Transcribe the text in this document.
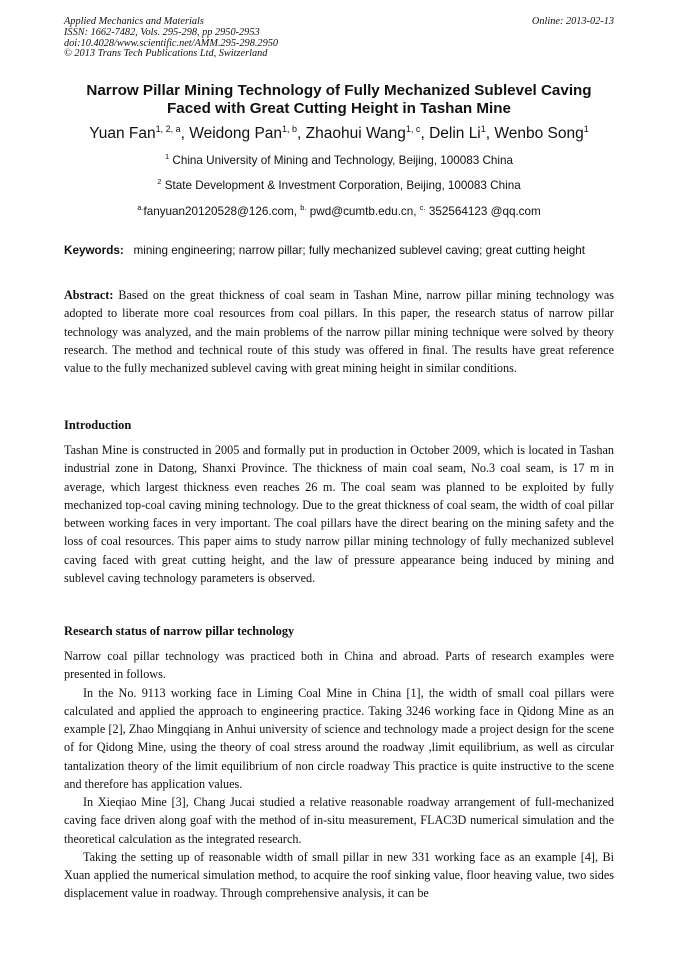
Applied Mechanics and Materials
ISSN: 1662-7482, Vols. 295-298, pp 2950-2953
doi:10.4028/www.scientific.net/AMM.295-298.2950
© 2013 Trans Tech Publications Ltd, Switzerland
Online: 2013-02-13
Narrow Pillar Mining Technology of Fully Mechanized Sublevel Caving Faced with Great Cutting Height in Tashan Mine
Yuan Fan$^{1, 2, a}$, Weidong Pan$^{1, b}$, Zhaohui Wang$^{1, c}$, Delin Li$^1$, Wenbo Song$^1$
$^1$ China University of Mining and Technology, Beijing, 100083 China
$^2$ State Development & Investment Corporation, Beijing, 100083 China
$^{a.}$fanyuan20120528@126.com, $^{b.}$ pwd@cumtb.edu.cn, $^{c.}$ 352564123 @qq.com
Keywords: mining engineering; narrow pillar; fully mechanized sublevel caving; great cutting height

Abstract: Based on the great thickness of coal seam in Tashan Mine, narrow pillar mining technology was adopted to liberate more coal resources from coal pillars. In this paper, the research status of narrow pillar technology was analyzed, and the main problems of the narrow pillar mining technique were solved by theory research. The method and technical route of this study was offered in final. The results have great reference value to the fully mechanized sublevel caving with great mining height in similar conditions.

Introduction

Tashan Mine is constructed in 2005 and formally put in production in October 2009, which is located in Tashan industrial zone in Datong, Shanxi Province. The thickness of main coal seam, No.3 coal seam, is 17 m in average, which largest thickness even reaches 26 m. The coal seam was planned to be exploited by fully mechanized top-coal caving mining technology. Due to the great thickness of coal seam, the width of coal pillar between working faces in very important. The coal pillars have the direct bearing on the mining safety and the loss of coal resources. This paper aims to study narrow pillar mining technology of fully mechanized sublevel caving faced with great cutting height, and the law of pressure appearance being induced by mining and sublevel caving technology parameters is observed.

Research status of narrow pillar technology

Narrow coal pillar technology was practiced both in China and abroad. Parts of research examples were presented in follows.

In the No. 9113 working face in Liming Coal Mine in China [1], the width of small coal pillars were calculated and applied the approach to engineering practice. Taking 3246 working face in Qidong Mine as an example [2], Zhao Mingqiang in Anhui university of science and technology made a project design for the scene of for Qidong Mine, using the theory of coal stress around the roadway ,limit equilibrium, as well as circular tantalization theory of the limit equilibrium of non circle roadway This practice is quite instructive to the scene and therefore has application values.

In Xieqiao Mine [3], Chang Jucai studied a relative reasonable roadway arrangement of full-mechanized caving face driven along goaf with the method of in-situ measurement, FLAC3D numerical simulation and the theoretical calculation as the integrated research.

Taking the setting up of reasonable width of small pillar in new 331 working face as an example [4], Bi Xuan applied the numerical simulation method, to acquire the roof sinking value, floor heaving value, two sides displacement value in roadway. Through comprehensive analysis, it can be
